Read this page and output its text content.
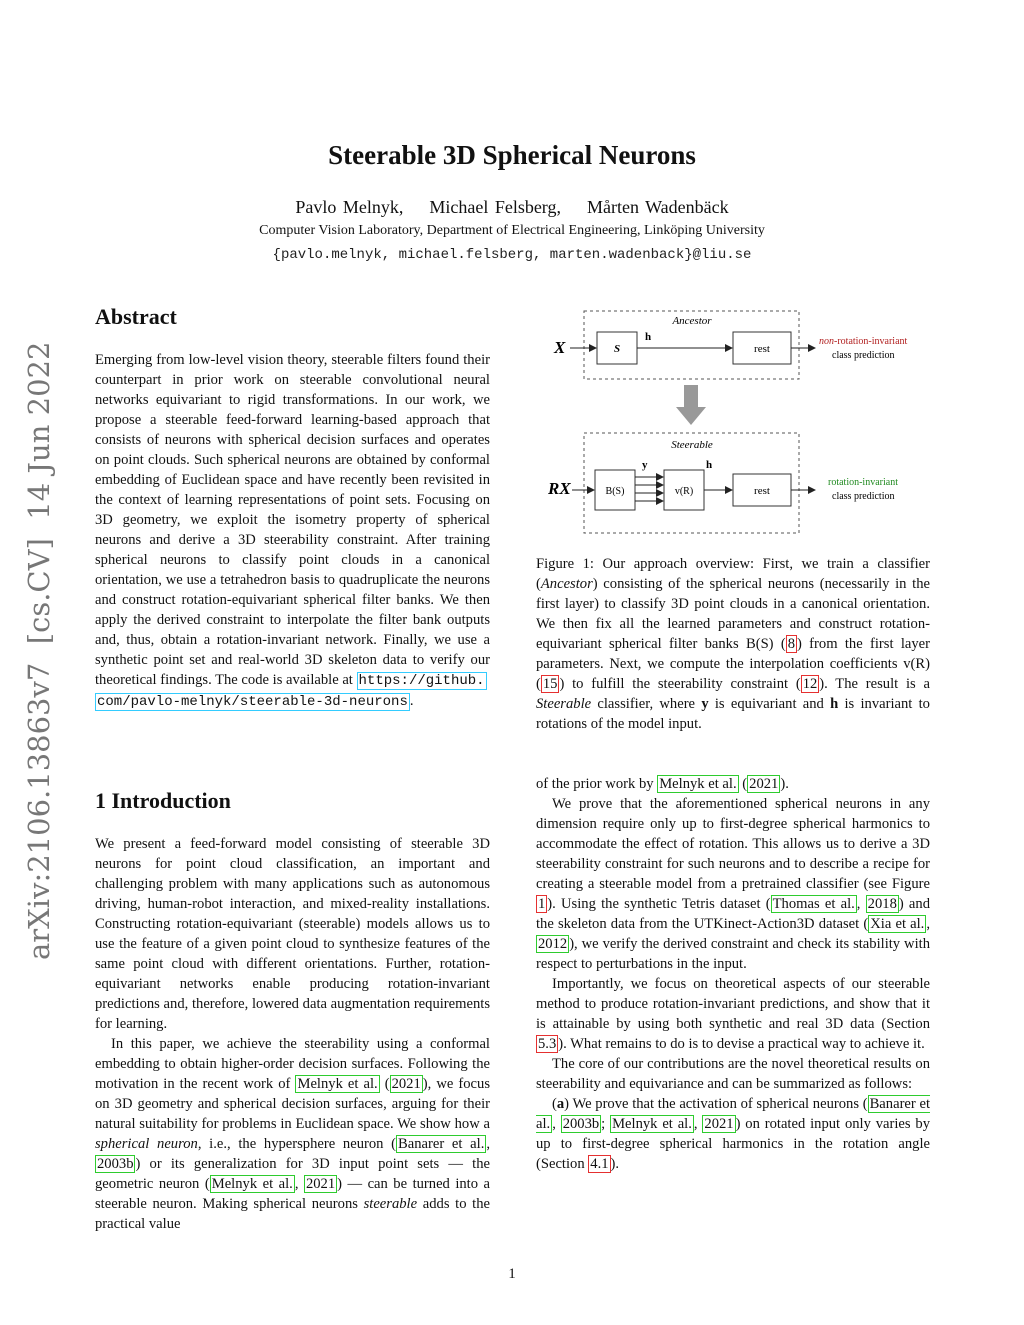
Steerable 3D Spherical Neurons
Pavlo Melnyk,    Michael Felsberg,    Mårten Wadenbäck
Computer Vision Laboratory, Department of Electrical Engineering, Linköping University
{pavlo.melnyk, michael.felsberg, marten.wadenback}@liu.se
arXiv:2106.13863v7  [cs.CV]  14 Jun 2022
Abstract
Emerging from low-level vision theory, steerable filters found their counterpart in prior work on steerable convolutional neural networks equivariant to rigid transformations. In our work, we propose a steerable feed-forward learning-based approach that consists of neurons with spherical decision surfaces and operates on point clouds. Such spherical neurons are obtained by conformal embedding of Euclidean space and have recently been revisited in the context of learning representations of point sets. Focusing on 3D geometry, we exploit the isometry property of spherical neurons and derive a 3D steerability constraint. After training spherical neurons to classify point clouds in a canonical orientation, we use a tetrahedron basis to quadruplicate the neurons and construct rotation-equivariant spherical filter banks. We then apply the derived constraint to interpolate the filter bank outputs and, thus, obtain a rotation-invariant network. Finally, we use a synthetic point set and real-world 3D skeleton data to verify our theoretical findings. The code is available at https://github.
com/pavlo-melnyk/steerable-3d-neurons .
1 Introduction

We present a feed-forward model consisting of steerable 3D neurons for point cloud classification, an important and challenging problem with many applications such as autonomous driving, human-robot interaction, and mixed-reality installations. Constructing rotation-equivariant (steerable) models allows us to use the feature of a given point cloud to synthesize features of the same point cloud with different orientations. Further, rotation-equivariant networks enable producing rotation-invariant predictions and, therefore, lowered data augmentation requirements for learning.

In this paper, we achieve the steerability using a conformal embedding to obtain higher-order decision surfaces. Following the motivation in the recent work of Melnyk et al. ( 2021 ), we focus on 3D geometry and spherical decision surfaces, arguing for their natural suitability for problems in Euclidean space. We show how a spherical neuron, i.e., the hypersphere neuron ( Banarer et al. , 2003b ) or its generalization for 3D input point sets — the geometric neuron ( Melnyk et al. , 2021 ) — can be turned into a steerable neuron. Making spherical neurons steerable adds to the practical value

Ancestor
X	S
h
rest
non-rotation-invariant
class prediction
Steerable
RX	B(S)
y
v(R)
h
rest
rotation-invariant
class prediction
Figure 1: Our approach overview: First, we train a classifier (Ancestor) consisting of the spherical neurons (necessarily in the first layer) to classify 3D point clouds in a canonical orientation. We then fix all the learned parameters and construct rotation-equivariant spherical filter banks B(S) ( 8 ) from the first layer parameters. Next, we compute the interpolation coefficients v(R) ( 15 ) to fulfill the steerability constraint ( 12 ). The result is a Steerable classifier, where y is equivariant and h is invariant to rotations of the model input.

of the prior work by Melnyk et al. ( 2021 ).

We prove that the aforementioned spherical neurons in any dimension require only up to first-degree spherical harmonics to accommodate the effect of rotation. This allows us to derive a 3D steerability constraint for such neurons and to describe a recipe for creating a steerable model from a pretrained classifier (see Figure 1 ). Using the synthetic Tetris dataset ( Thomas et al. , 2018 ) and the skeleton data from the UTKinect-Action3D dataset ( Xia et al. , 2012 ), we verify the derived constraint and check its stability with respect to perturbations in the input.

Importantly, we focus on theoretical aspects of our steerable method to produce rotation-invariant predictions, and show that it is attainable by using both synthetic and real 3D data (Section 5.3 ). What remains to do is to devise a practical way to achieve it.

The core of our contributions are the novel theoretical results on steerability and equivariance and can be summarized as follows:

(a) We prove that the activation of spherical neurons ( Banarer et al. , 2003b ; Melnyk et al. , 2021 ) on rotated input only varies by up to first-degree spherical harmonics in the rotation angle (Section 4.1 ).

1
